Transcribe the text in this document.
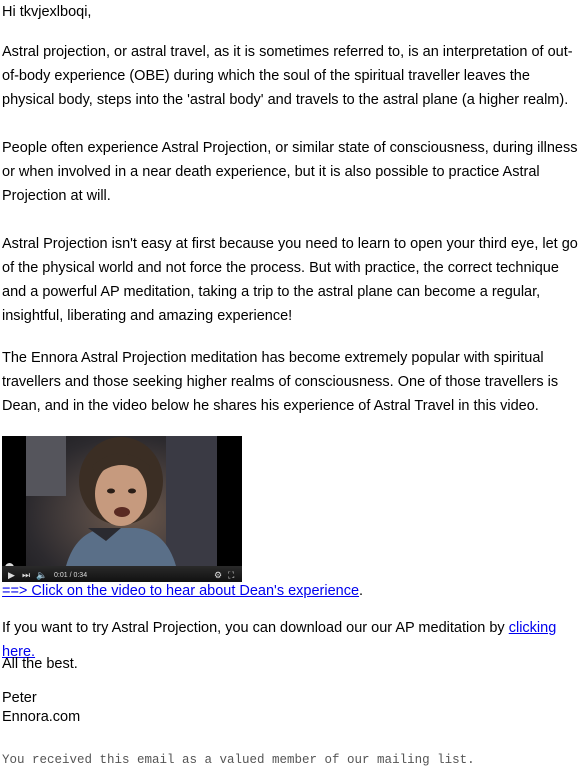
Hi tkvjexlboqi,

Astral projection, or astral travel, as it is sometimes referred to, is an interpretation of out-of-body experience (OBE) during which the soul of the spiritual traveller leaves the physical body, steps into the 'astral body' and travels to the astral plane (a higher realm).

People often experience Astral Projection, or similar state of consciousness, during illness or when involved in a near death experience, but it is also possible to practice Astral Projection at will.

Astral Projection isn't easy at first because you need to learn to open your third eye, let go of the physical world and not force the process. But with practice, the correct technique and a powerful AP meditation, taking a trip to the astral plane can become a regular, insightful, liberating and amazing experience!

The Ennora Astral Projection meditation has become extremely popular with spiritual travellers and those seeking higher realms of consciousness. One of those travellers is Dean, and in the video below he shares his experience of Astral Travel in this video.

▶ ⏭ 🔈 0:01 / 0:34	⚙ ⛶

==> Click on the video to hear about Dean's experience.

If you want to try Astral Projection, you can download our our AP meditation by clicking here.

All the best.

Peter

Ennora.com

You received this email as a valued member of our mailing list.
